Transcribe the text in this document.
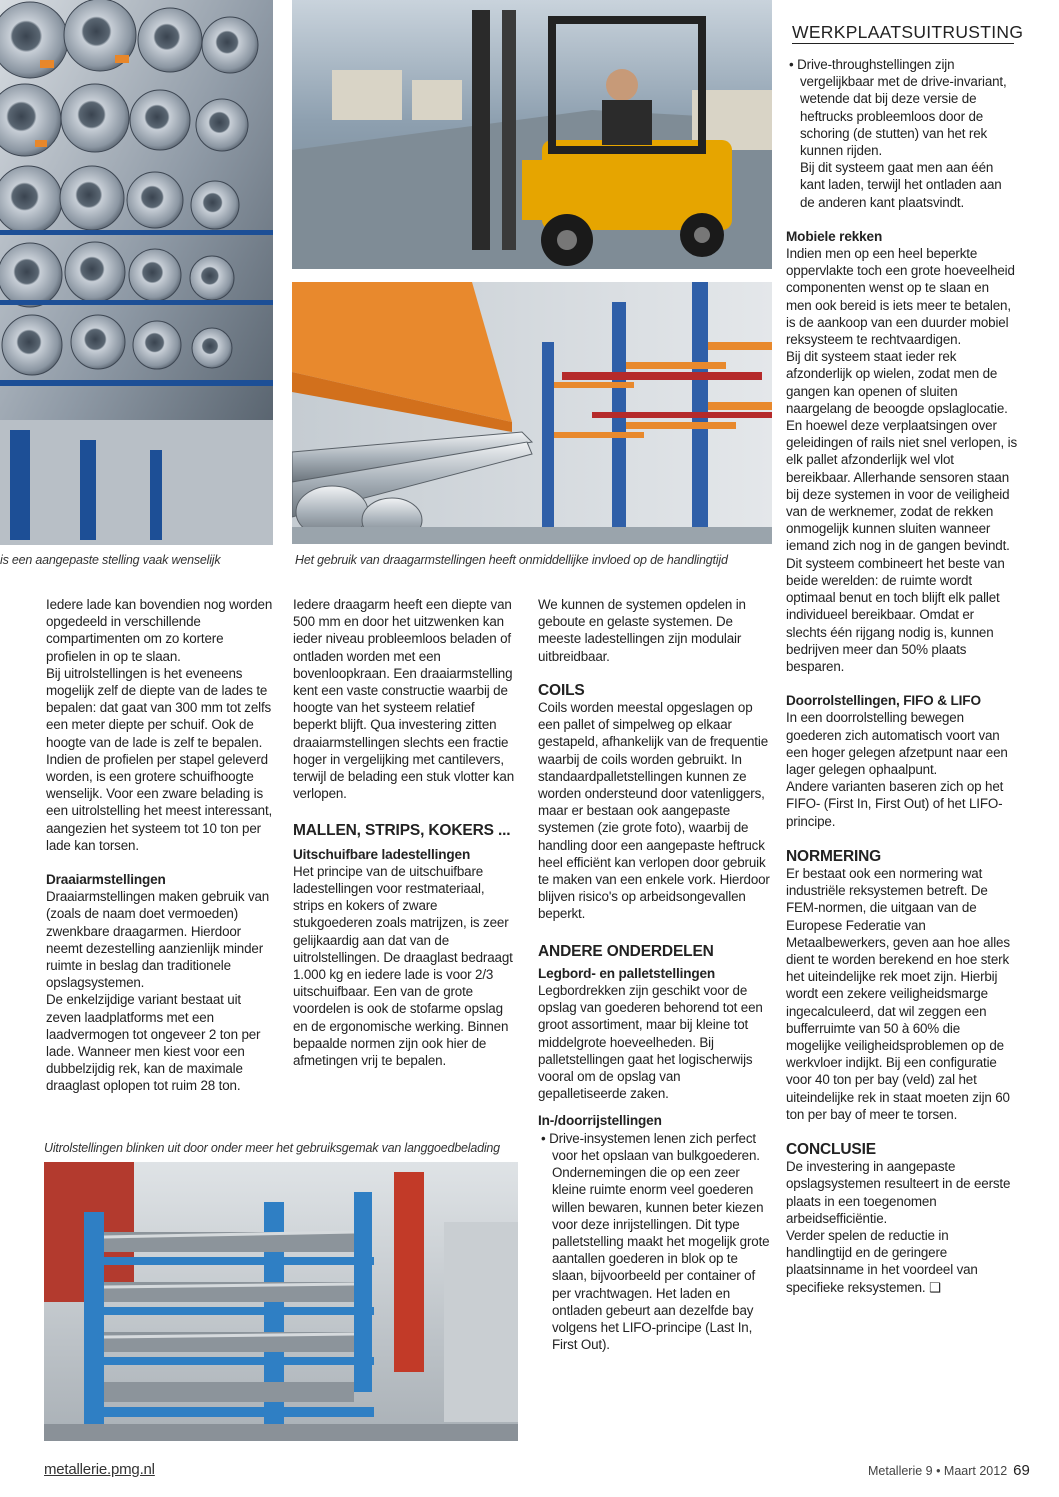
is een aangepaste stelling vaak wenselijk	Het gebruik van draagarmstellingen heeft onmiddellijke invloed op de handlingtijd
Uitrolstellingen blinken uit door onder meer het gebruiksgemak van langgoedbelading
WERKPLAATSUITRUSTING

Iedere lade kan bovendien nog worden opgedeeld in verschillende compartimenten om zo kortere profielen in op te slaan.

Bij uitrolstellingen is het eveneens mogelijk zelf de diepte van de lades te bepalen: dat gaat van 300 mm tot zelfs een meter diepte per schuif. Ook de hoogte van de lade is zelf te bepalen. Indien de profielen per stapel geleverd worden, is een grotere schuifhoogte wenselijk. Voor een zware belading is een uitrolstelling het meest interessant, aangezien het systeem tot 10 ton per lade kan torsen.

Draaiarmstellingen

Draaiarmstellingen maken gebruik van (zoals de naam doet vermoeden) zwenkbare draagarmen. Hierdoor neemt dezestelling aanzienlijk minder ruimte in beslag dan traditionele opslagsystemen.

De enkelzijdige variant bestaat uit zeven laadplatforms met een laadvermogen tot ongeveer 2 ton per lade. Wanneer men kiest voor een dubbelzijdig rek, kan de maximale draaglast oplopen tot ruim 28 ton.

Iedere draagarm heeft een diepte van 500 mm en door het uitzwenken kan ieder niveau probleemloos beladen of ontladen worden met een bovenloopkraan. Een draaiarmstelling kent een vaste constructie waarbij de hoogte van het systeem relatief beperkt blijft. Qua investering zitten draaiarmstellingen slechts een fractie hoger in vergelijking met cantilevers, terwijl de belading een stuk vlotter kan verlopen.

MALLEN, STRIPS, KOKERS ...

Uitschuifbare ladestellingen

Het principe van de uitschuifbare ladestellingen voor restmateriaal, strips en kokers of zware stukgoederen zoals matrijzen, is zeer gelijkaardig aan dat van de uitrolstellingen. De draaglast bedraagt 1.000 kg en iedere lade is voor 2/3 uitschuifbaar. Een van de grote voordelen is ook de stofarme opslag en de ergonomische werking. Binnen bepaalde normen zijn ook hier de afmetingen vrij te bepalen.

We kunnen de systemen opdelen in geboute en gelaste systemen. De meeste ladestellingen zijn modulair uitbreidbaar.

COILS

Coils worden meestal opgeslagen op een pallet of simpelweg op elkaar gestapeld, afhankelijk van de frequentie waarbij de coils worden gebruikt. In standaardpalletstellingen kunnen ze worden ondersteund door vatenliggers, maar er bestaan ook aangepaste systemen (zie grote foto), waarbij de handling door een aangepaste heftruck heel efficiënt kan verlopen door gebruik te maken van een enkele vork. Hierdoor blijven risico's op arbeidsongevallen beperkt.

ANDERE ONDERDELEN

Legbord- en palletstellingen

Legbordrekken zijn geschikt voor de opslag van goederen behorend tot een groot assortiment, maar bij kleine tot middelgrote hoeveelheden. Bij palletstellingen gaat het logischerwijs vooral om de opslag van gepalletiseerde zaken.

In-/doorrijstellingen

• Drive-insystemen lenen zich perfect voor het opslaan van bulkgoederen. Ondernemingen die op een zeer kleine ruimte enorm veel goederen willen bewaren, kunnen beter kiezen voor deze inrijstellingen. Dit type palletstelling maakt het mogelijk grote aantallen goederen in blok op te slaan, bijvoorbeeld per container of per vrachtwagen. Het laden en ontladen gebeurt aan dezelfde bay volgens het LIFO-principe (Last In, First Out).

• Drive-throughstellingen zijn vergelijkbaar met de drive-invariant, wetende dat bij deze versie de heftrucks probleemloos door de schoring (de stutten) van het rek kunnen rijden.

Bij dit systeem gaat men aan één kant laden, terwijl het ontladen aan de anderen kant plaatsvindt.

Mobiele rekken

Indien men op een heel beperkte oppervlakte toch een grote hoeveelheid componenten wenst op te slaan en men ook bereid is iets meer te betalen, is de aankoop van een duurder mobiel reksysteem te rechtvaardigen.

Bij dit systeem staat ieder rek afzonderlijk op wielen, zodat men de gangen kan openen of sluiten naargelang de beoogde opslaglocatie. En hoewel deze verplaatsingen over geleidingen of rails niet snel verlopen, is elk pallet afzonderlijk wel vlot bereikbaar. Allerhande sensoren staan bij deze systemen in voor de veiligheid van de werknemer, zodat de rekken onmogelijk kunnen sluiten wanneer iemand zich nog in de gangen bevindt.

Dit systeem combineert het beste van beide werelden: de ruimte wordt optimaal benut en toch blijft elk pallet individueel bereikbaar. Omdat er slechts één rijgang nodig is, kunnen bedrijven meer dan 50% plaats besparen.

Doorrolstellingen, FIFO & LIFO

In een doorrolstelling bewegen goederen zich automatisch voort van een hoger gelegen afzetpunt naar een lager gelegen ophaalpunt.

Andere varianten baseren zich op het FIFO- (First In, First Out) of het LIFO-principe.

NORMERING

Er bestaat ook een normering wat industriële reksystemen betreft. De FEM-normen, die uitgaan van de Europese Federatie van Metaalbewerkers, geven aan hoe alles dient te worden berekend en hoe sterk het uiteindelijke rek moet zijn. Hierbij wordt een zekere veiligheidsmarge ingecalculeerd, dat wil zeggen een bufferruimte van 50 à 60% die mogelijke veiligheidsproblemen op de werkvloer indijkt. Bij een configuratie voor 40 ton per bay (veld) zal het uiteindelijke rek in staat moeten zijn 60 ton per bay of meer te torsen.

CONCLUSIE

De investering in aangepaste opslagsystemen resulteert in de eerste plaats in een toegenomen arbeidsefficiëntie.

Verder spelen de reductie in handlingtijd en de geringere plaatsinname in het voordeel van specifieke reksystemen. ❑

metallerie.pmg.nl	Metallerie 9 • Maart 2012 69
